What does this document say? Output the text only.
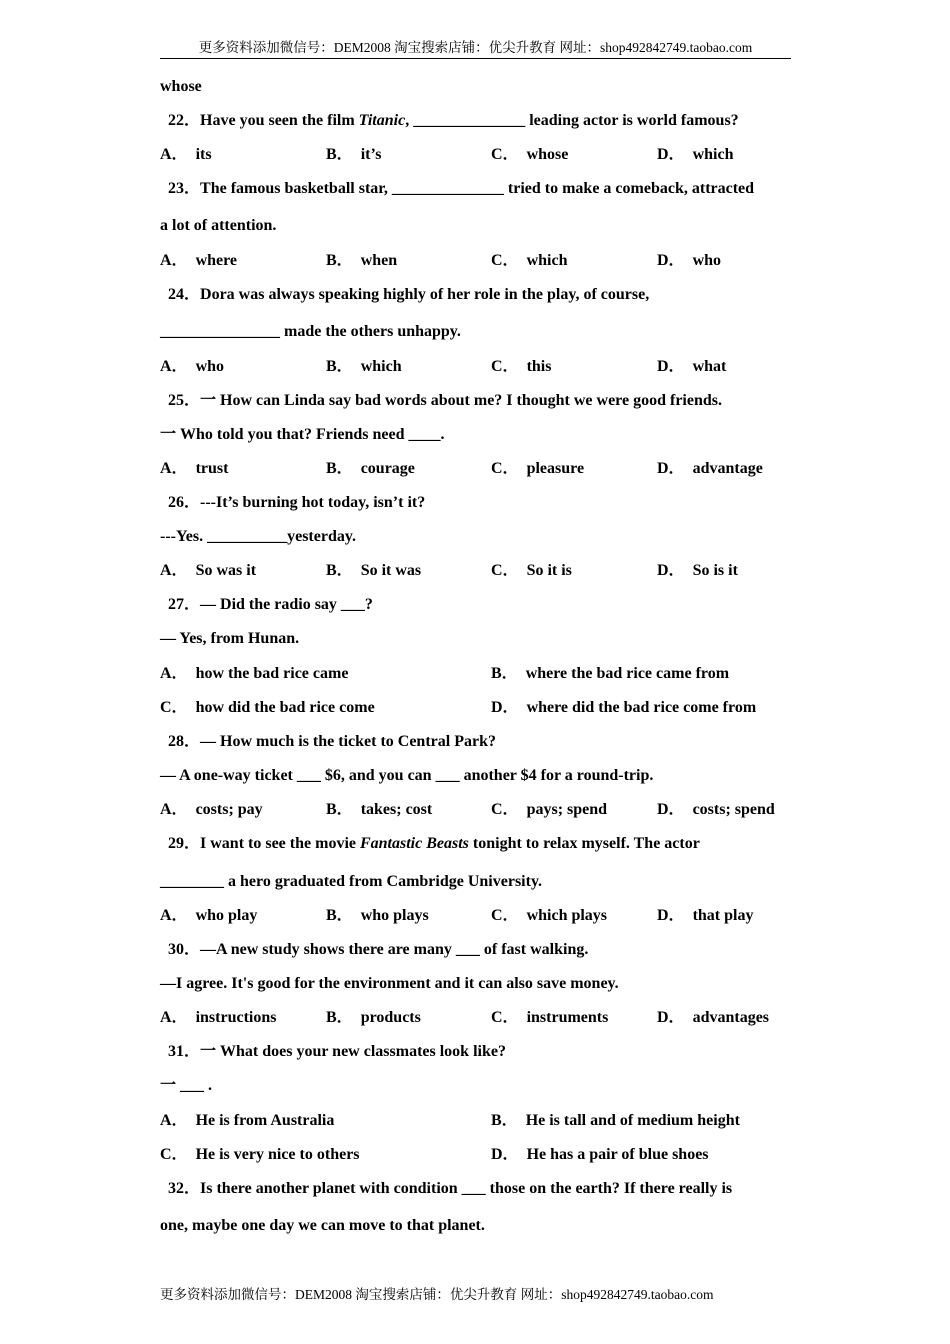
更多资料添加微信号：DEM2008 淘宝搜索店铺：优尖升教育 网址：shop492842749.taobao.com
whose
22．Have you seen the film Titanic, ______________ leading actor is world famous?
A． its	B． it’s	C． whose	D． which
23．The famous basketball star, ______________ tried to make a comeback, attracted
a lot of attention.
A． where	B． when	C． which	D． who
24．Dora was always speaking highly of her role in the play, of course,
_______________ made the others unhappy.
A． who	B． which	C． this	D． what
25．一 How can Linda say bad words about me? I thought we were good friends.
一 Who told you that? Friends need ____.
A． trust	B． courage	C． pleasure	D． advantage
26．---It’s burning hot today, isn’t it?
---Yes. __________yesterday.
A． So was it	B． So it was	C． So it is	D． So is it
27．— Did the radio say ___?
— Yes, from Hunan.
A． how the bad rice came	B． where the bad rice came from
C． how did the bad rice come	D． where did the bad rice come from
28．— How much is the ticket to Central Park?
— A one-way ticket ___ $6, and you can ___ another $4 for a round-trip.
A． costs; pay	B． takes; cost	C． pays; spend	D． costs; spend
29．I want to see the movie Fantastic Beasts tonight to relax myself. The actor
________ a hero graduated from Cambridge University.
A． who play	B． who plays	C． which plays	D． that play
30．—A new study shows there are many ___ of fast walking.
—I agree. It's good for the environment and it can also save money.
A． instructions	B． products	C． instruments	D． advantages
31．一 What does your new classmates look like?
一 ___ .
A． He is from Australia	B． He is tall and of medium height
C． He is very nice to others	D． He has a pair of blue shoes
32．Is there another planet with condition ___ those on the earth? If there really is
one, maybe one day we can move to that planet.
更多资料添加微信号：DEM2008 淘宝搜索店铺：优尖升教育 网址：shop492842749.taobao.com
